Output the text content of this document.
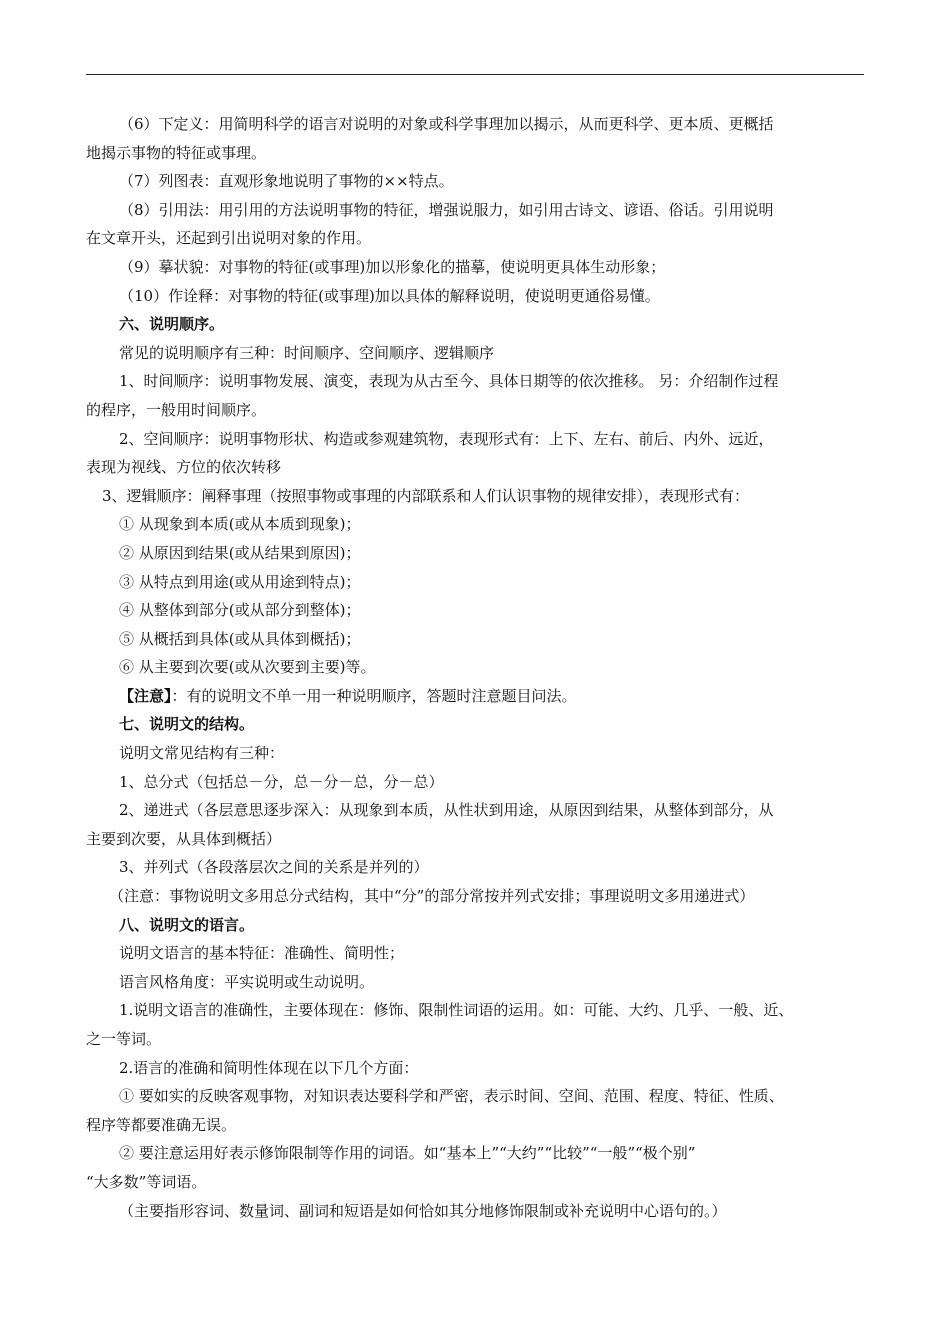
（6）下定义：用简明科学的语言对说明的对象或科学事理加以揭示，从而更科学、更本质、更概括
地揭示事物的特征或事理。
（7）列图表：直观形象地说明了事物的××特点。
（8）引用法：用引用的方法说明事物的特征，增强说服力，如引用古诗文、谚语、俗话。引用说明
在文章开头，还起到引出说明对象的作用。
（9）摹状貌：对事物的特征(或事理)加以形象化的描摹，使说明更具体生动形象；
（10）作诠释：对事物的特征(或事理)加以具体的解释说明，使说明更通俗易懂。
六、说明顺序。
常见的说明顺序有三种：时间顺序、空间顺序、逻辑顺序
1、时间顺序：说明事物发展、演变，表现为从古至今、具体日期等的依次推移。 另：介绍制作过程
的程序，一般用时间顺序。
2、空间顺序：说明事物形状、构造或参观建筑物，表现形式有：上下、左右、前后、内外、远近，
表现为视线、方位的依次转移
3、逻辑顺序：阐释事理（按照事物或事理的内部联系和人们认识事物的规律安排），表现形式有：
① 从现象到本质(或从本质到现象)；
② 从原因到结果(或从结果到原因)；
③ 从特点到用途(或从用途到特点)；
④ 从整体到部分(或从部分到整体)；
⑤ 从概括到具体(或从具体到概括)；
⑥ 从主要到次要(或从次要到主要)等。
【注意】：有的说明文不单一用一种说明顺序，答题时注意题目问法。
七、说明文的结构。
说明文常见结构有三种：
1、总分式（包括总－分，总－分－总，分－总）
2、递进式（各层意思逐步深入：从现象到本质，从性状到用途，从原因到结果，从整体到部分，从
主要到次要，从具体到概括）
3、并列式（各段落层次之间的关系是并列的）
（注意：事物说明文多用总分式结构，其中“分”的部分常按并列式安排；事理说明文多用递进式）
八、说明文的语言。
说明文语言的基本特征：准确性、简明性；
语言风格角度：平实说明或生动说明。
1.说明文语言的准确性，主要体现在：修饰、限制性词语的运用。如：可能、大约、几乎、一般、近、
之一等词。
2.语言的准确和简明性体现在以下几个方面：
① 要如实的反映客观事物，对知识表达要科学和严密，表示时间、空间、范围、程度、特征、性质、
程序等都要准确无误。
② 要注意运用好表示修饰限制等作用的词语。如“基本上”“大约”“比较”“一般”“极个别”
“大多数”等词语。
（主要指形容词、数量词、副词和短语是如何恰如其分地修饰限制或补充说明中心语句的。）
